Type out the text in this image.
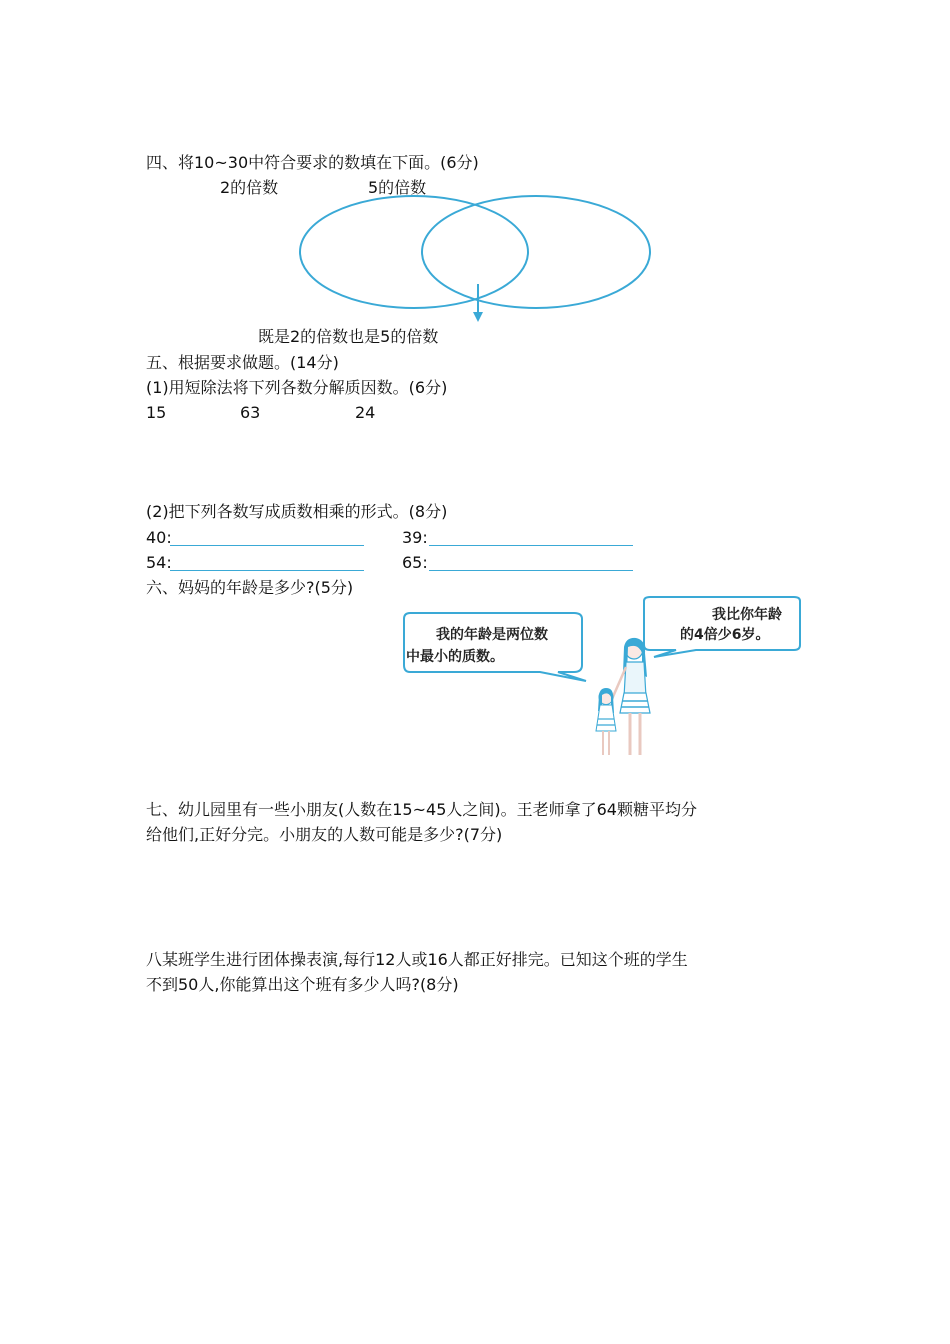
四、将10~30中符合要求的数填在下面。(6分)
2的倍数	5的倍数
既是2的倍数也是5的倍数
五、根据要求做题。(14分)
(1)用短除法将下列各数分解质因数。(6分)
15	63	24
(2)把下列各数写成质数相乘的形式。(8分)
40:	39:
54:	65:
六、妈妈的年龄是多少?(5分)
我的年龄是两位数
中最小的质数。
我比你年龄
的4倍少6岁。
七、幼儿园里有一些小朋友(人数在15~45人之间)。王老师拿了64颗糖平均分
给他们,正好分完。小朋友的人数可能是多少?(7分)
八某班学生进行团体操表演,每行12人或16人都正好排完。已知这个班的学生
不到50人,你能算出这个班有多少人吗?(8分)
